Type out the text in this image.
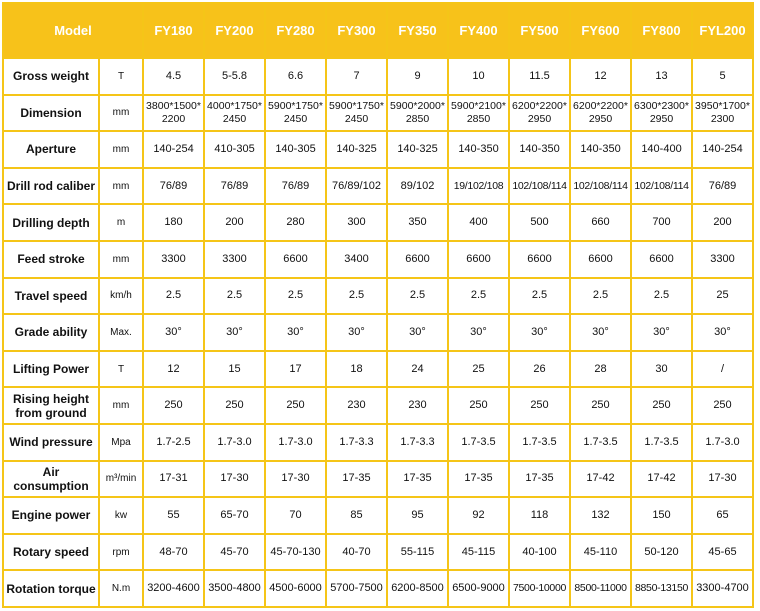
Model		FY180	FY200	FY280	FY300	FY350	FY400	FY500	FY600	FY800	FYL200
Gross weight	T	4.5	5-5.8	6.6	7	9	10	11.5	12	13	5
Dimension	mm	3800*1500*2200	4000*1750*2450	5900*1750*2450	5900*1750*2450	5900*2000*2850	5900*2100*2850	6200*2200*2950	6200*2200*2950	6300*2300*2950	3950*1700*2300
Aperture	mm	140-254	410-305	140-305	140-325	140-325	140-350	140-350	140-350	140-400	140-254
Drill rod caliber	mm	76/89	76/89	76/89	76/89/102	89/102	19/102/108	102/108/114	102/108/114	102/108/114	76/89
Drilling depth	m	180	200	280	300	350	400	500	660	700	200
Feed stroke	mm	3300	3300	6600	3400	6600	6600	6600	6600	6600	3300
Travel speed	km/h	2.5	2.5	2.5	2.5	2.5	2.5	2.5	2.5	2.5	25
Grade ability	Max.	30°	30°	30°	30°	30°	30°	30°	30°	30°	30°
Lifting Power	T	12	15	17	18	24	25	26	28	30	/
Rising height from ground	mm	250	250	250	230	230	250	250	250	250	250
Wind pressure	Mpa	1.7-2.5	1.7-3.0	1.7-3.0	1.7-3.3	1.7-3.3	1.7-3.5	1.7-3.5	1.7-3.5	1.7-3.5	1.7-3.0
Air consumption	m³/min	17-31	17-30	17-30	17-35	17-35	17-35	17-35	17-42	17-42	17-30
Engine power	kw	55	65-70	70	85	95	92	118	132	150	65
Rotary speed	rpm	48-70	45-70	45-70-130	40-70	55-115	45-115	40-100	45-110	50-120	45-65
Rotation torque	N.m	3200-4600	3500-4800	4500-6000	5700-7500	6200-8500	6500-9000	7500-10000	8500-11000	8850-13150	3300-4700
